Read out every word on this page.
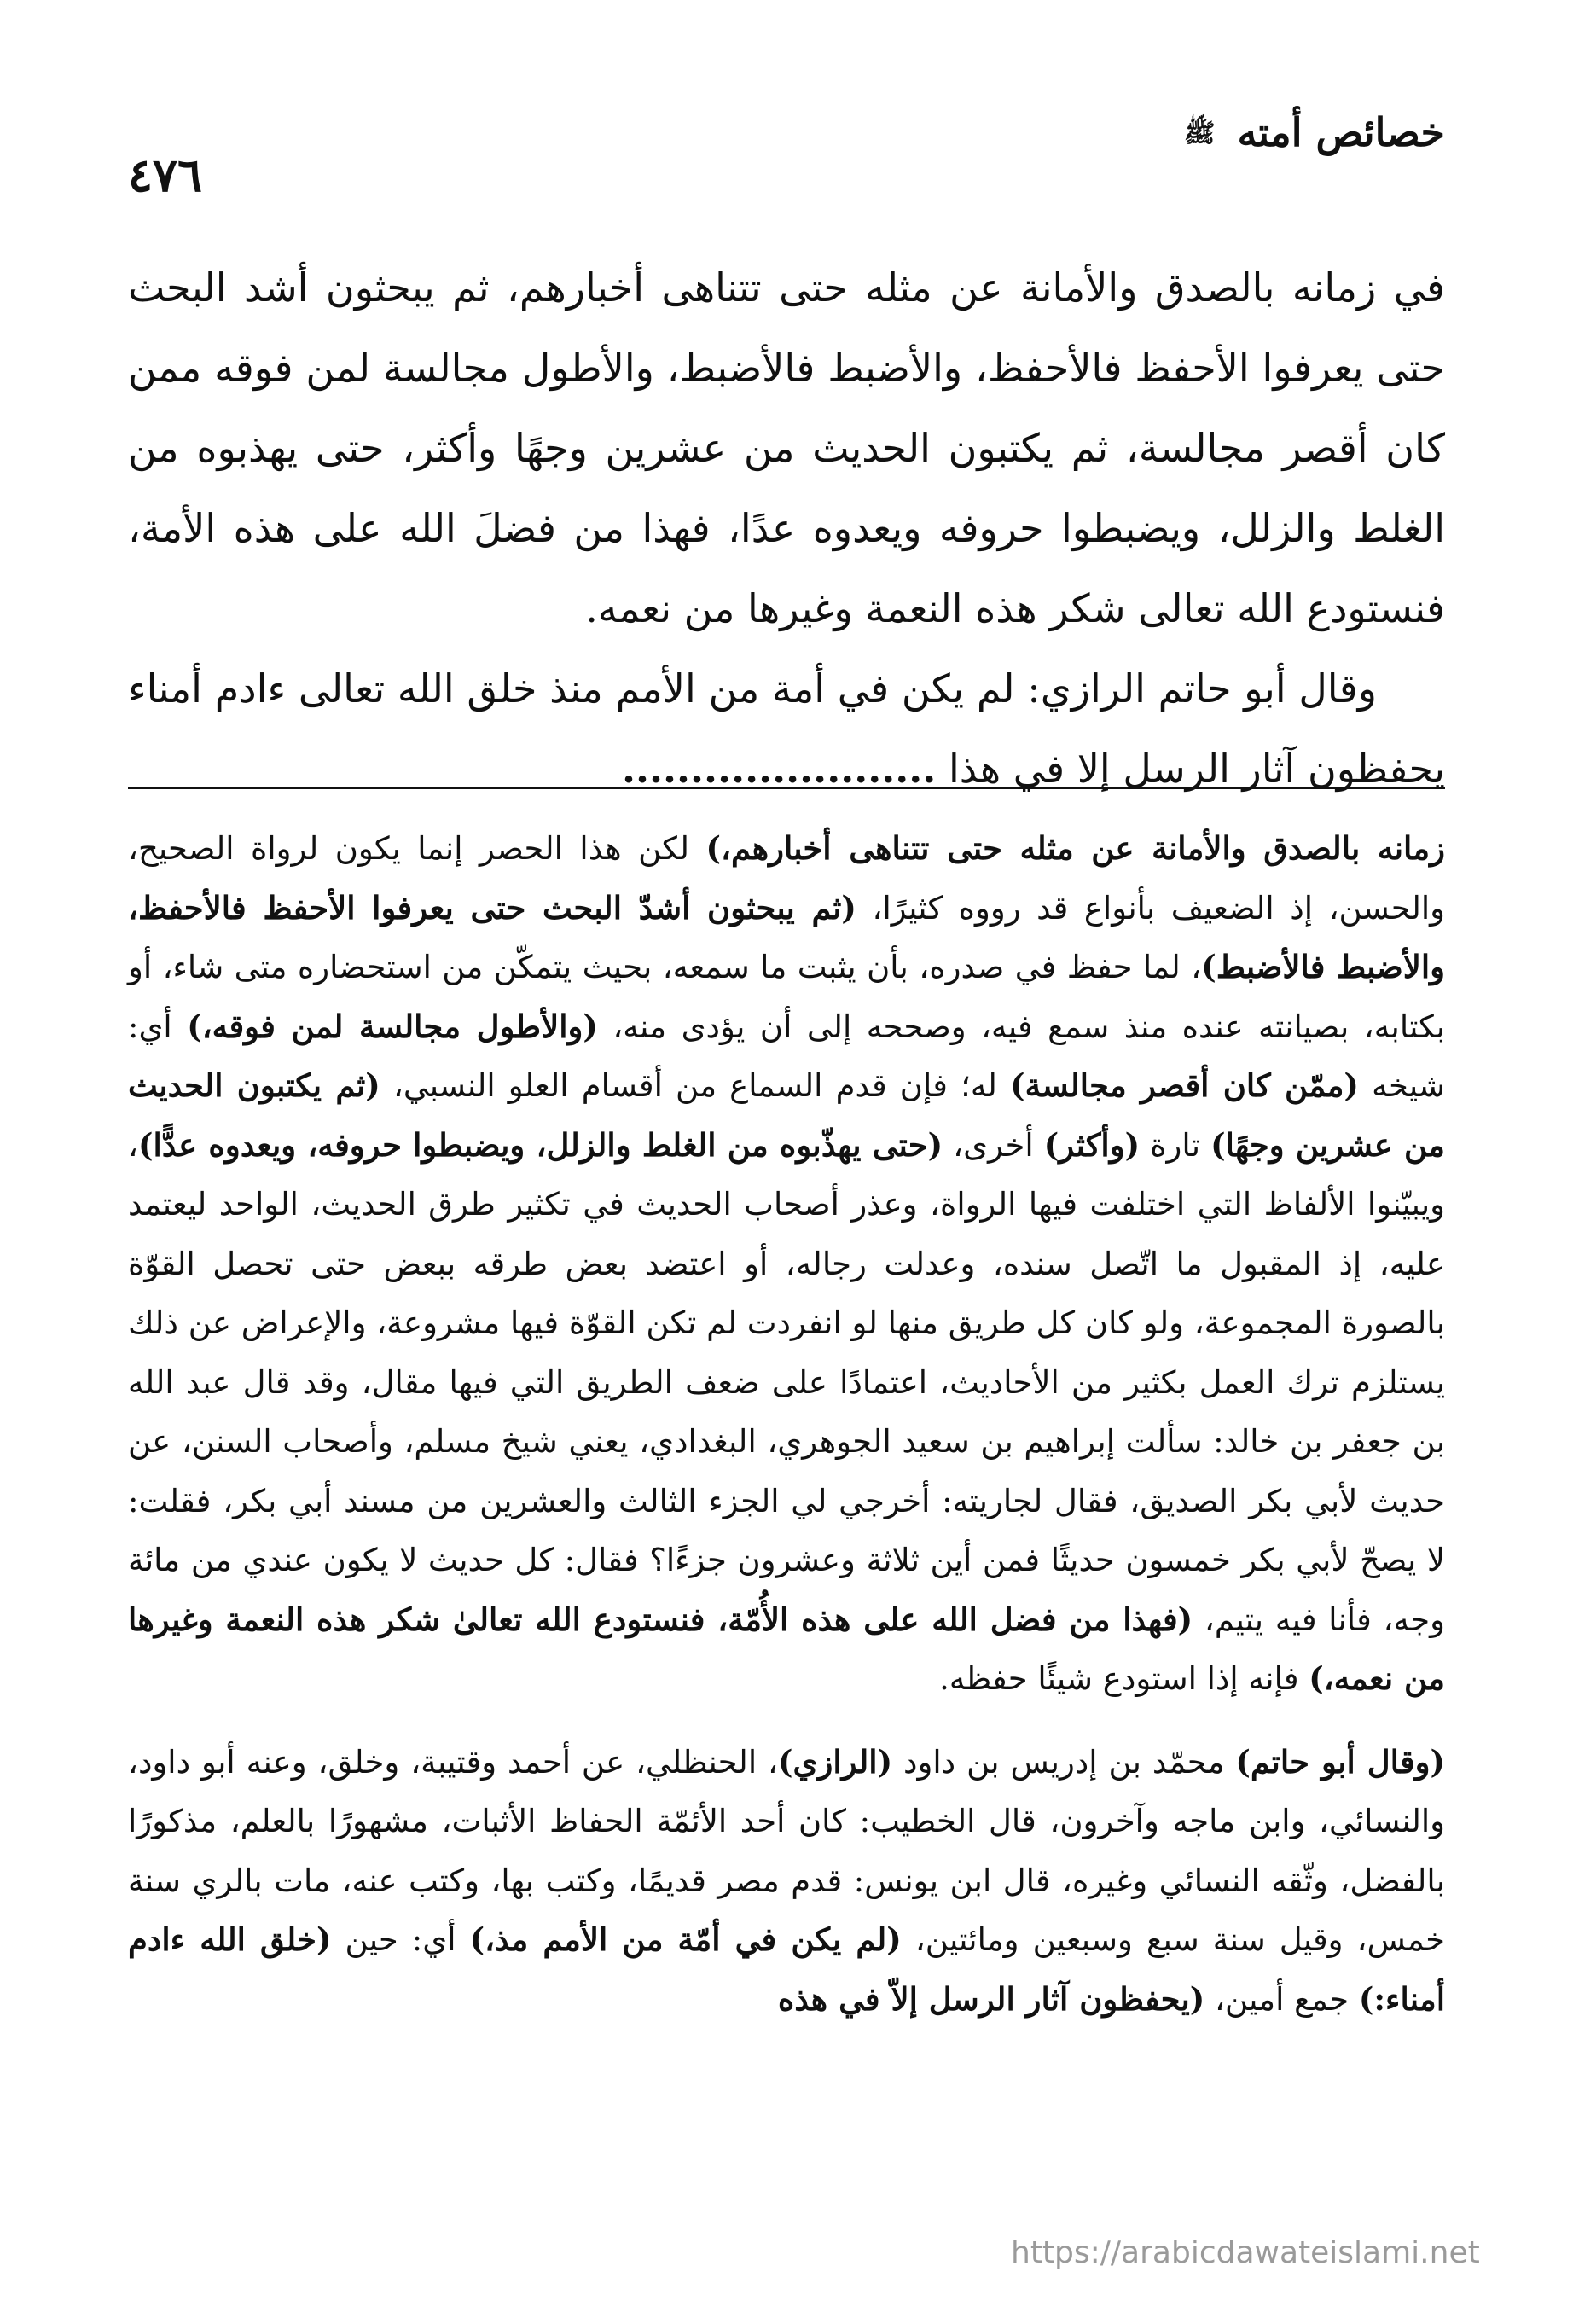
خصائص أمته ﷺ
٤٧٦

في زمانه بالصدق والأمانة عن مثله حتى تتناهى أخبارهم، ثم يبحثون أشد البحث حتى يعرفوا الأحفظ فالأحفظ، والأضبط فالأضبط، والأطول مجالسة لمن فوقه ممن كان أقصر مجالسة، ثم يكتبون الحديث من عشرين وجهًا وأكثر، حتى يهذبوه من الغلط والزلل، ويضبطوا حروفه ويعدوه عدًا، فهذا من فضلَ الله على هذه الأمة، فنستودع الله تعالى شكر هذه النعمة وغيرها من نعمه.

وقال أبو حاتم الرازي: لم يكن في أمة من الأمم منذ خلق الله تعالى ءادم أمناء يحفظون آثار الرسل إلا في هذا .......................

زمانه بالصدق والأمانة عن مثله حتى تتناهى أخبارهم،) لكن هذا الحصر إنما يكون لرواة الصحيح، والحسن، إذ الضعيف بأنواع قد رووه كثيرًا، (ثم يبحثون أشدّ البحث حتى يعرفوا الأحفظ فالأحفظ، والأضبط فالأضبط)، لما حفظ في صدره، بأن يثبت ما سمعه، بحيث يتمكّن من استحضاره متى شاء، أو بكتابه، بصيانته عنده منذ سمع فيه، وصححه إلى أن يؤدى منه، (والأطول مجالسة لمن فوقه،) أي: شيخه (ممّن كان أقصر مجالسة) له؛ فإن قدم السماع من أقسام العلو النسبي، (ثم يكتبون الحديث من عشرين وجهًا) تارة (وأكثر) أخرى، (حتى يهذّبوه من الغلط والزلل، ويضبطوا حروفه، ويعدوه عدًّا)، ويبيّنوا الألفاظ التي اختلفت فيها الرواة، وعذر أصحاب الحديث في تكثير طرق الحديث، الواحد ليعتمد عليه، إذ المقبول ما اتّصل سنده، وعدلت رجاله، أو اعتضد بعض طرقه ببعض حتى تحصل القوّة بالصورة المجموعة، ولو كان كل طريق منها لو انفردت لم تكن القوّة فيها مشروعة، والإعراض عن ذلك يستلزم ترك العمل بكثير من الأحاديث، اعتمادًا على ضعف الطريق التي فيها مقال، وقد قال عبد الله بن جعفر بن خالد: سألت إبراهيم بن سعيد الجوهري، البغدادي، يعني شيخ مسلم، وأصحاب السنن، عن حديث لأبي بكر الصديق، فقال لجاريته: أخرجي لي الجزء الثالث والعشرين من مسند أبي بكر، فقلت: لا يصحّ لأبي بكر خمسون حديثًا فمن أين ثلاثة وعشرون جزءًا؟ فقال: كل حديث لا يكون عندي من مائة وجه، فأنا فيه يتيم، (فهذا من فضل الله على هذه الأُمّة، فنستودع الله تعالىٰ شكر هذه النعمة وغيرها من نعمه،) فإنه إذا استودع شيئًا حفظه.

(وقال أبو حاتم) محمّد بن إدريس بن داود (الرازي)، الحنظلي، عن أحمد وقتيبة، وخلق، وعنه أبو داود، والنسائي، وابن ماجه وآخرون، قال الخطيب: كان أحد الأئمّة الحفاظ الأثبات، مشهورًا بالعلم، مذكورًا بالفضل، وثّقه النسائي وغيره، قال ابن يونس: قدم مصر قديمًا، وكتب بها، وكتب عنه، مات بالري سنة خمس، وقيل سنة سبع وسبعين ومائتين، (لم يكن في أمّة من الأمم مذ،) أي: حين (خلق الله ءادم أمناء:) جمع أمين، (يحفظون آثار الرسل إلاّ في هذه

https://arabicdawateislami.net
